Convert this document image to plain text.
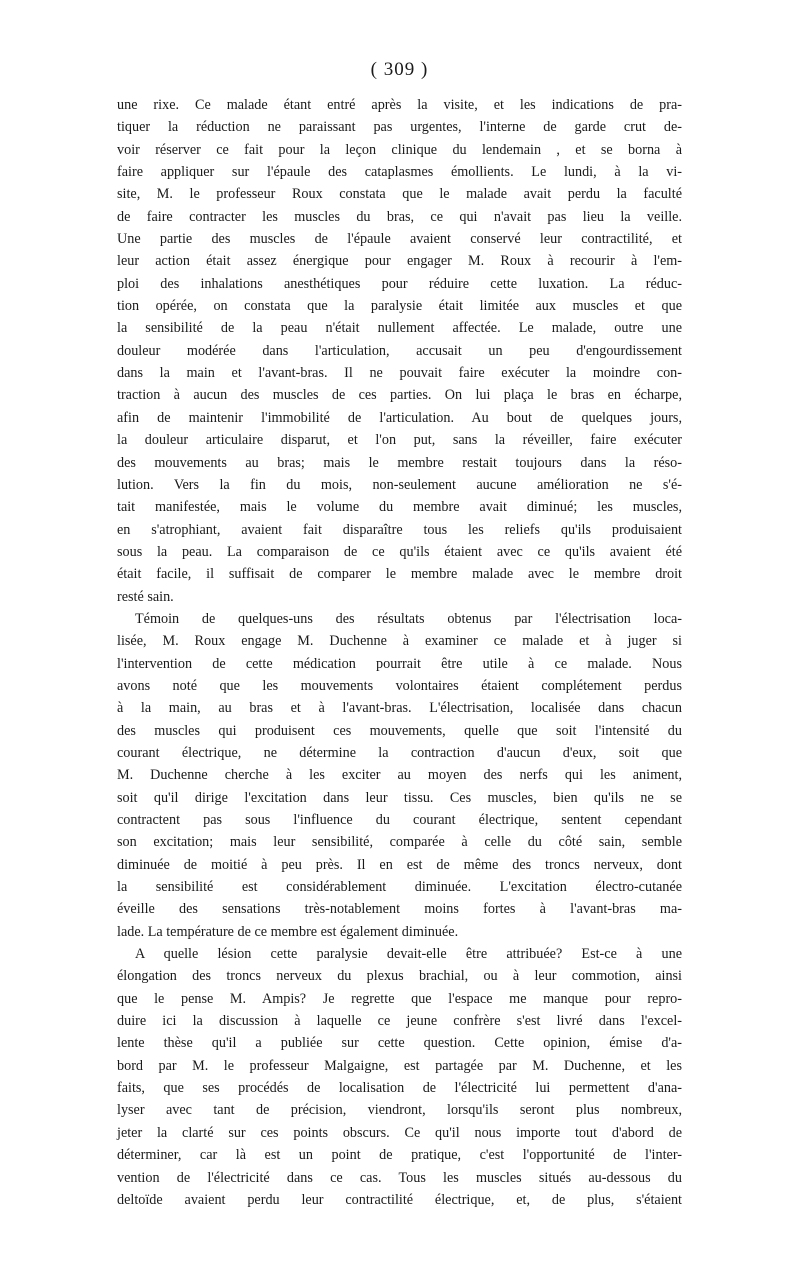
( 309 )
une rixe. Ce malade étant entré après la visite, et les indications de pra-
tiquer la réduction ne paraissant pas urgentes, l'interne de garde crut de-
voir réserver ce fait pour la leçon clinique du lendemain , et se borna à
faire appliquer sur l'épaule des cataplasmes émollients. Le lundi, à la vi-
site, M. le professeur Roux constata que le malade avait perdu la faculté
de faire contracter les muscles du bras, ce qui n'avait pas lieu la veille.
Une partie des muscles de l'épaule avaient conservé leur contractilité, et
leur action était assez énergique pour engager M. Roux à recourir à l'em-
ploi des inhalations anesthétiques pour réduire cette luxation. La réduc-
tion opérée, on constata que la paralysie était limitée aux muscles et que
la sensibilité de la peau n'était nullement affectée. Le malade, outre une
douleur modérée dans l'articulation, accusait un peu d'engourdissement
dans la main et l'avant-bras. Il ne pouvait faire exécuter la moindre con-
traction à aucun des muscles de ces parties. On lui plaça le bras en écharpe,
afin de maintenir l'immobilité de l'articulation. Au bout de quelques jours,
la douleur articulaire disparut, et l'on put, sans la réveiller, faire exécuter
des mouvements au bras; mais le membre restait toujours dans la réso-
lution. Vers la fin du mois, non-seulement aucune amélioration ne s'é-
tait manifestée, mais le volume du membre avait diminué; les muscles,
en s'atrophiant, avaient fait disparaître tous les reliefs qu'ils produisaient
sous la peau. La comparaison de ce qu'ils étaient avec ce qu'ils avaient été
était facile, il suffisait de comparer le membre malade avec le membre droit
resté sain.
Témoin de quelques-uns des résultats obtenus par l'électrisation loca-
lisée, M. Roux engage M. Duchenne à examiner ce malade et à juger si
l'intervention de cette médication pourrait être utile à ce malade. Nous
avons noté que les mouvements volontaires étaient complétement perdus
à la main, au bras et à l'avant-bras. L'électrisation, localisée dans chacun
des muscles qui produisent ces mouvements, quelle que soit l'intensité du
courant électrique, ne détermine la contraction d'aucun d'eux, soit que
M. Duchenne cherche à les exciter au moyen des nerfs qui les animent,
soit qu'il dirige l'excitation dans leur tissu. Ces muscles, bien qu'ils ne se
contractent pas sous l'influence du courant électrique, sentent cependant
son excitation; mais leur sensibilité, comparée à celle du côté sain, semble
diminuée de moitié à peu près. Il en est de même des troncs nerveux, dont
la sensibilité est considérablement diminuée. L'excitation électro-cutanée
éveille des sensations très-notablement moins fortes à l'avant-bras ma-
lade. La température de ce membre est également diminuée.
A quelle lésion cette paralysie devait-elle être attribuée? Est-ce à une
élongation des troncs nerveux du plexus brachial, ou à leur commotion, ainsi
que le pense M. Ampis? Je regrette que l'espace me manque pour repro-
duire ici la discussion à laquelle ce jeune confrère s'est livré dans l'excel-
lente thèse qu'il a publiée sur cette question. Cette opinion, émise d'a-
bord par M. le professeur Malgaigne, est partagée par M. Duchenne, et les
faits, que ses procédés de localisation de l'électricité lui permettent d'ana-
lyser avec tant de précision, viendront, lorsqu'ils seront plus nombreux,
jeter la clarté sur ces points obscurs. Ce qu'il nous importe tout d'abord de
déterminer, car là est un point de pratique, c'est l'opportunité de l'inter-
vention de l'électricité dans ce cas. Tous les muscles situés au-dessous du
deltoïde avaient perdu leur contractilité électrique, et, de plus, s'étaient
